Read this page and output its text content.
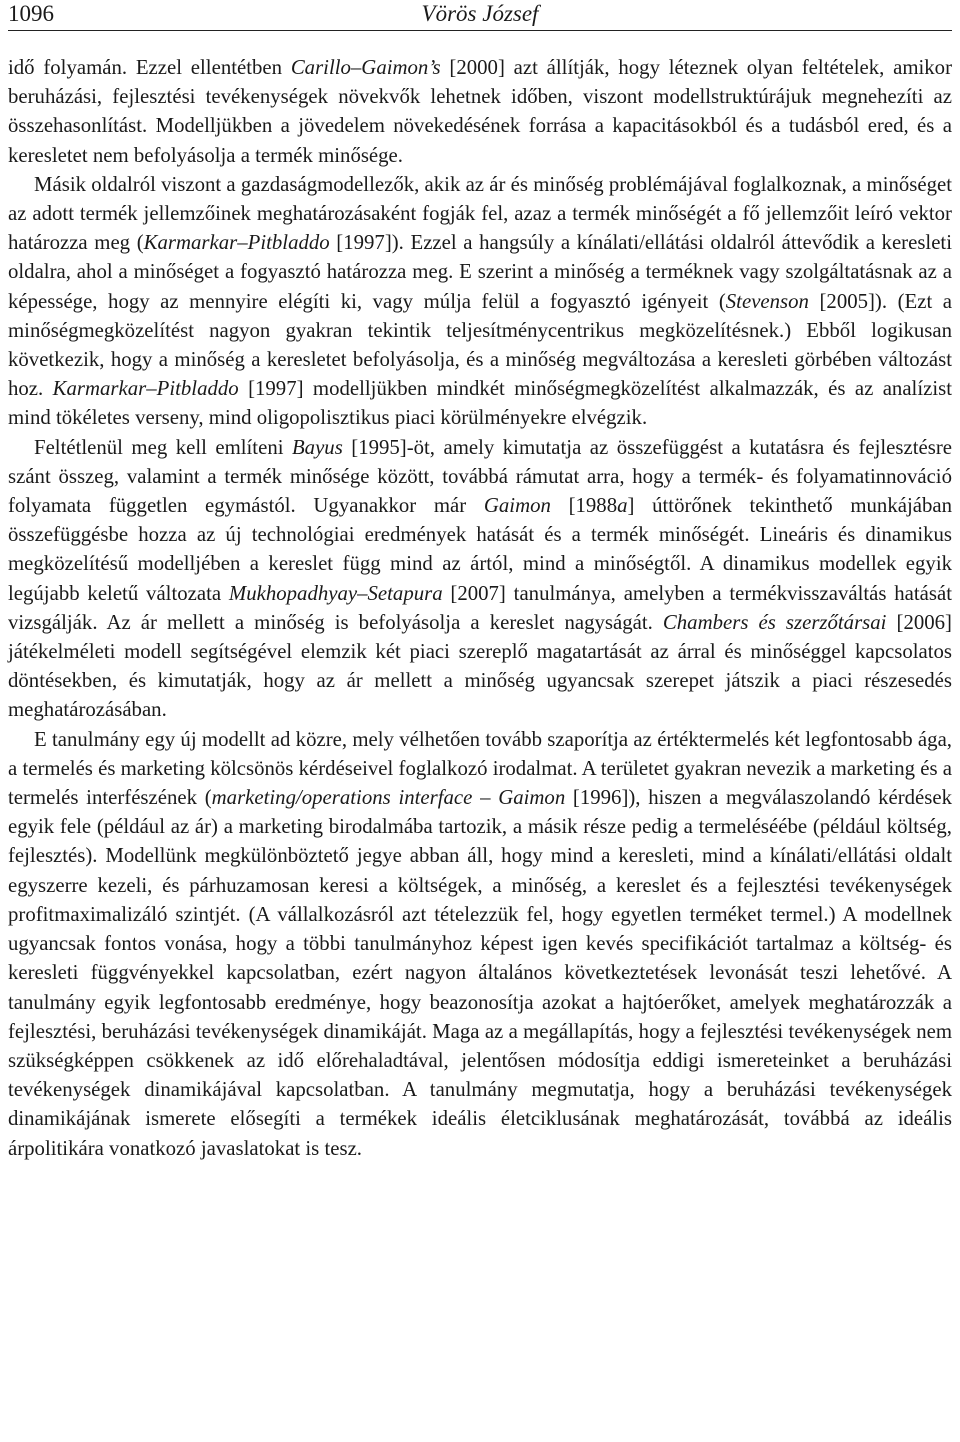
1096	Vörös József

idő folyamán. Ezzel ellentétben Carillo–Gaimon’s [2000] azt állítják, hogy léteznek olyan feltételek, amikor beruházási, fejlesztési tevékenységek növekvők lehetnek időben, viszont modellstruktúrájuk megnehezíti az összehasonlítást. Modelljükben a jövedelem növekedésének forrása a kapacitásokból és a tudásból ered, és a keresletet nem befolyásolja a termék minősége.

Másik oldalról viszont a gazdaságmodellezők, akik az ár és minőség problémájával foglalkoznak, a minőséget az adott termék jellemzőinek meghatározásaként fogják fel, azaz a termék minőségét a fő jellemzőit leíró vektor határozza meg (Karmarkar–Pitbladdo [1997]). Ezzel a hangsúly a kínálati/ellátási oldalról áttevődik a keresleti oldalra, ahol a minőséget a fogyasztó határozza meg. E szerint a minőség a terméknek vagy szolgáltatásnak az a képessége, hogy az mennyire elégíti ki, vagy múlja felül a fogyasztó igényeit (Stevenson [2005]). (Ezt a minőségmegközelítést nagyon gyakran tekintik teljesítménycentrikus megközelítésnek.) Ebből logikusan következik, hogy a minőség a keresletet befolyásolja, és a minőség megváltozása a keresleti görbében változást hoz. Karmarkar–Pitbladdo [1997] modelljükben mindkét minőségmegközelítést alkalmazzák, és az analízist mind tökéletes verseny, mind oligopolisztikus piaci körülményekre elvégzik.

Feltétlenül meg kell említeni Bayus [1995]-öt, amely kimutatja az összefüggést a kutatásra és fejlesztésre szánt összeg, valamint a termék minősége között, továbbá rámutat arra, hogy a termék- és folyamatinnováció folyamata független egymástól. Ugyanakkor már Gaimon [1988a] úttörőnek tekinthető munkájában összefüggésbe hozza az új technológiai eredmények hatását és a termék minőségét. Lineáris és dinamikus megközelítésű modelljében a kereslet függ mind az ártól, mind a minőségtől. A dinamikus modellek egyik legújabb keletű változata Mukhopadhyay–Setapura [2007] tanulmánya, amelyben a termékvisszaváltás hatását vizsgálják. Az ár mellett a minőség is befolyásolja a kereslet nagyságát. Chambers és szerzőtársai [2006] játékelméleti modell segítségével elemzik két piaci szereplő magatartását az árral és minőséggel kapcsolatos döntésekben, és kimutatják, hogy az ár mellett a minőség ugyancsak szerepet játszik a piaci részesedés meghatározásában.

E tanulmány egy új modellt ad közre, mely vélhetően tovább szaporítja az értéktermelés két legfontosabb ága, a termelés és marketing kölcsönös kérdéseivel foglalkozó irodalmat. A területet gyakran nevezik a marketing és a termelés interfészének (marketing/operations interface – Gaimon [1996]), hiszen a megválaszolandó kérdések egyik fele (például az ár) a marketing birodalmába tartozik, a másik része pedig a termeléséébe (például költség, fejlesztés). Modellünk megkülönböztető jegye abban áll, hogy mind a keresleti, mind a kínálati/ellátási oldalt egyszerre kezeli, és párhuzamosan keresi a költségek, a minőség, a kereslet és a fejlesztési tevékenységek profitmaximalizáló szintjét. (A vállalkozásról azt tételezzük fel, hogy egyetlen terméket termel.) A modellnek ugyancsak fontos vonása, hogy a többi tanulmányhoz képest igen kevés specifikációt tartalmaz a költség- és keresleti függvényekkel kapcsolatban, ezért nagyon általános következtetések levonását teszi lehetővé. A tanulmány egyik legfontosabb eredménye, hogy beazonosítja azokat a hajtóerőket, amelyek meghatározzák a fejlesztési, beruházási tevékenységek dinamikáját. Maga az a megállapítás, hogy a fejlesztési tevékenységek nem szükségképpen csökkenek az idő előrehaladtával, jelentősen módosítja eddigi ismereteinket a beruházási tevékenységek dinamikájával kapcsolatban. A tanulmány megmutatja, hogy a beruházási tevékenységek dinamikájának ismerete elősegíti a termékek ideális életciklusának meghatározását, továbbá az ideális árpolitikára vonatkozó javaslatokat is tesz.
